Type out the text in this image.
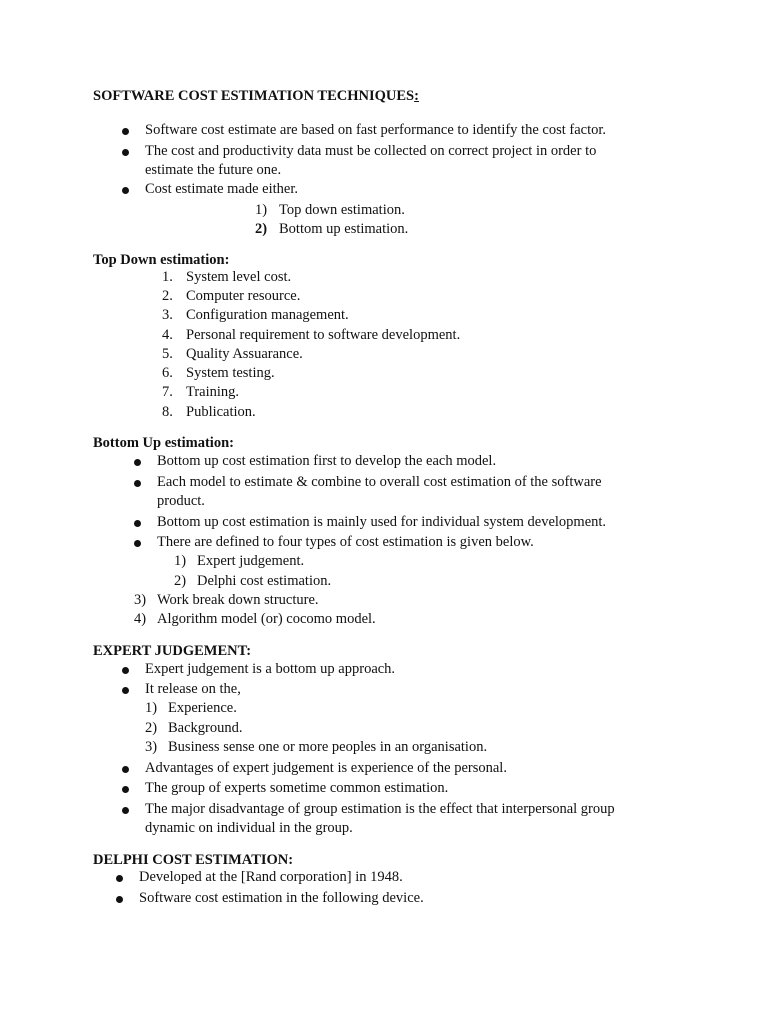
SOFTWARE COST ESTIMATION TECHNIQUES:
Software cost estimate are based on fast performance to identify the cost factor.
The cost and productivity data must be collected on correct project in order to
estimate the future one.
Cost estimate made either.
1) Top down estimation.
2) Bottom up estimation.
Top Down estimation:
1. System level cost.
2. Computer resource.
3. Configuration management.
4. Personal requirement to software development.
5. Quality Assuarance.
6. System testing.
7. Training.
8. Publication.
Bottom Up estimation:
Bottom up cost estimation first to develop the each model.
Each model to estimate & combine to overall cost estimation of the software
product.
Bottom up cost estimation is mainly used for individual system development.
There are defined to four types of cost estimation is given below.
1) Expert judgement.
2) Delphi cost estimation.
3) Work break down structure.
4) Algorithm model (or) cocomo model.
EXPERT JUDGEMENT:
Expert judgement is a bottom up approach.
It release on the,
1) Experience.
2) Background.
3) Business sense one or more peoples in an organisation.
Advantages of expert judgement is experience of the personal.
The group of experts sometime common estimation.
The major disadvantage of group estimation is the effect that interpersonal group
dynamic on individual in the group.
DELPHI COST ESTIMATION:
Developed at the [Rand corporation] in 1948.
Software cost estimation in the following device.
